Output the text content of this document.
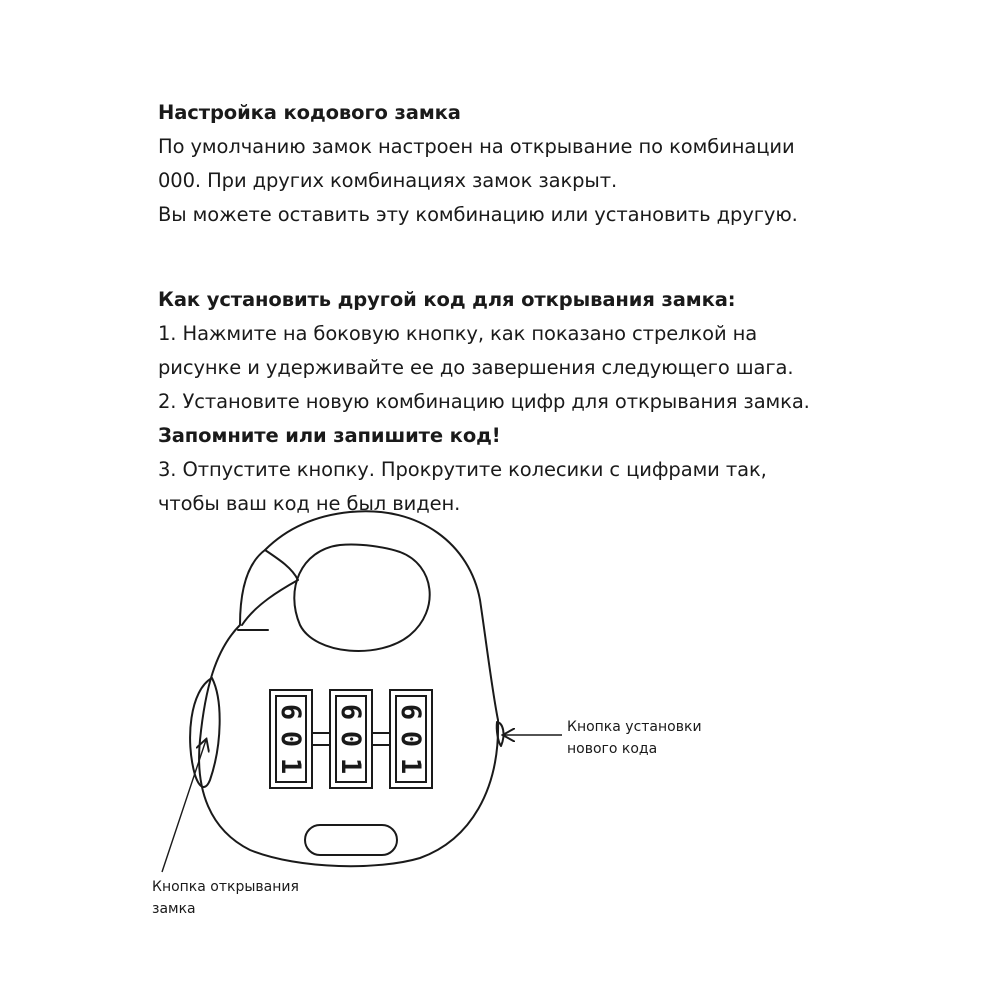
Настройка кодового замка
По умолчанию замок настроен на открывание по комбинации
000. При других комбинациях замок закрыт.
Вы можете оставить эту комбинацию или установить другую.
Как установить другой код для открывания замка:
1. Нажмите на боковую кнопку, как показано стрелкой на
рисунке и удерживайте ее до завершения следующего шага.
2. Установите новую комбинацию цифр для открывания замка.
Запомните или запишите код!
3. Отпустите кнопку. Прокрутите колесики с цифрами так,
чтобы ваш код не был виден.
6
0
1
6
0
1
6
0
1
Кнопка установки
нового кода
Кнопка открывания
замка
